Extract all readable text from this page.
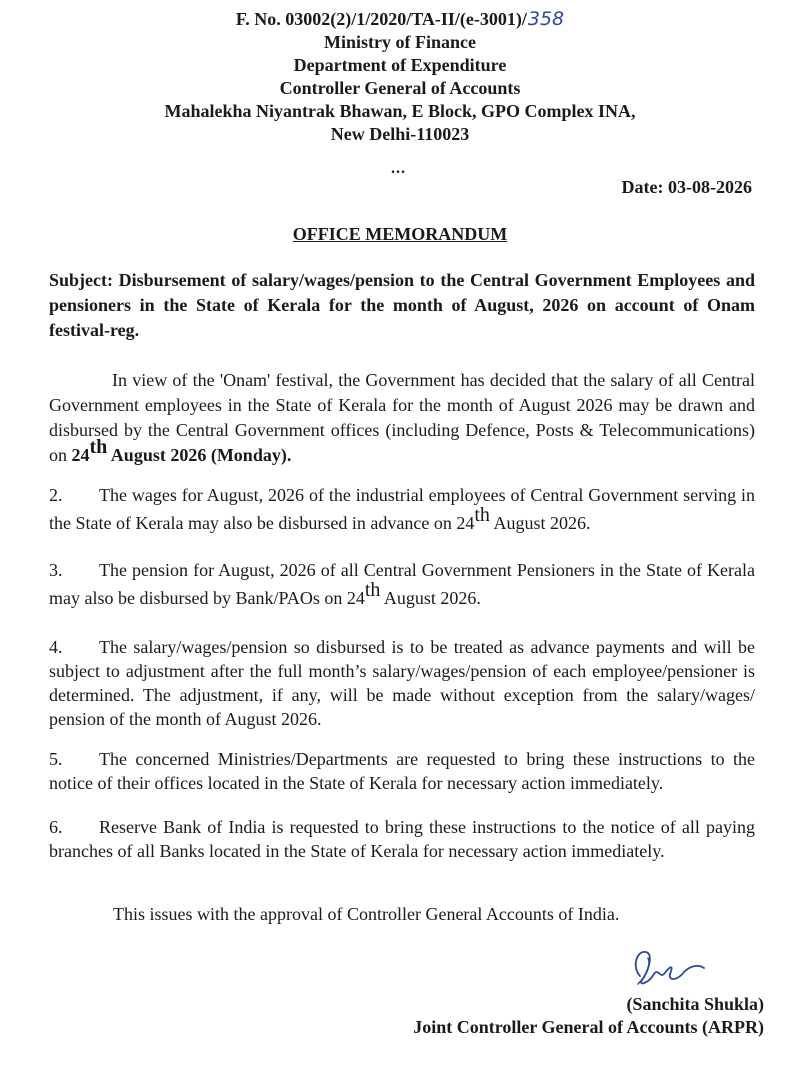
F. No. 03002(2)/1/2020/TA-II/(e-3001)/358
Ministry of Finance
Department of Expenditure
Controller General of Accounts
Mahalekha Niyantrak Bhawan, E Block, GPO Complex INA,
New Delhi-110023
...
Date: 03-08-2026
OFFICE MEMORANDUM
Subject: Disbursement of salary/wages/pension to the Central Government Employees and pensioners in the State of Kerala for the month of August, 2026 on account of Onam festival-reg.
In view of the 'Onam' festival, the Government has decided that the salary of all Central Government employees in the State of Kerala for the month of August 2026 may be drawn and disbursed by the Central Government offices (including Defence, Posts & Telecommunications) on 24th August 2026 (Monday).
2. The wages for August, 2026 of the industrial employees of Central Government serving in the State of Kerala may also be disbursed in advance on 24th August 2026.
3. The pension for August, 2026 of all Central Government Pensioners in the State of Kerala may also be disbursed by Bank/PAOs on 24th August 2026.
4. The salary/wages/pension so disbursed is to be treated as advance payments and will be subject to adjustment after the full month’s salary/wages/pension of each employee/pensioner is determined. The adjustment, if any, will be made without exception from the salary/wages/ pension of the month of August 2026.
5. The concerned Ministries/Departments are requested to bring these instructions to the notice of their offices located in the State of Kerala for necessary action immediately.
6. Reserve Bank of India is requested to bring these instructions to the notice of all paying branches of all Banks located in the State of Kerala for necessary action immediately.
This issues with the approval of Controller General Accounts of India.
(Sanchita Shukla)
Joint Controller General of Accounts (ARPR)
